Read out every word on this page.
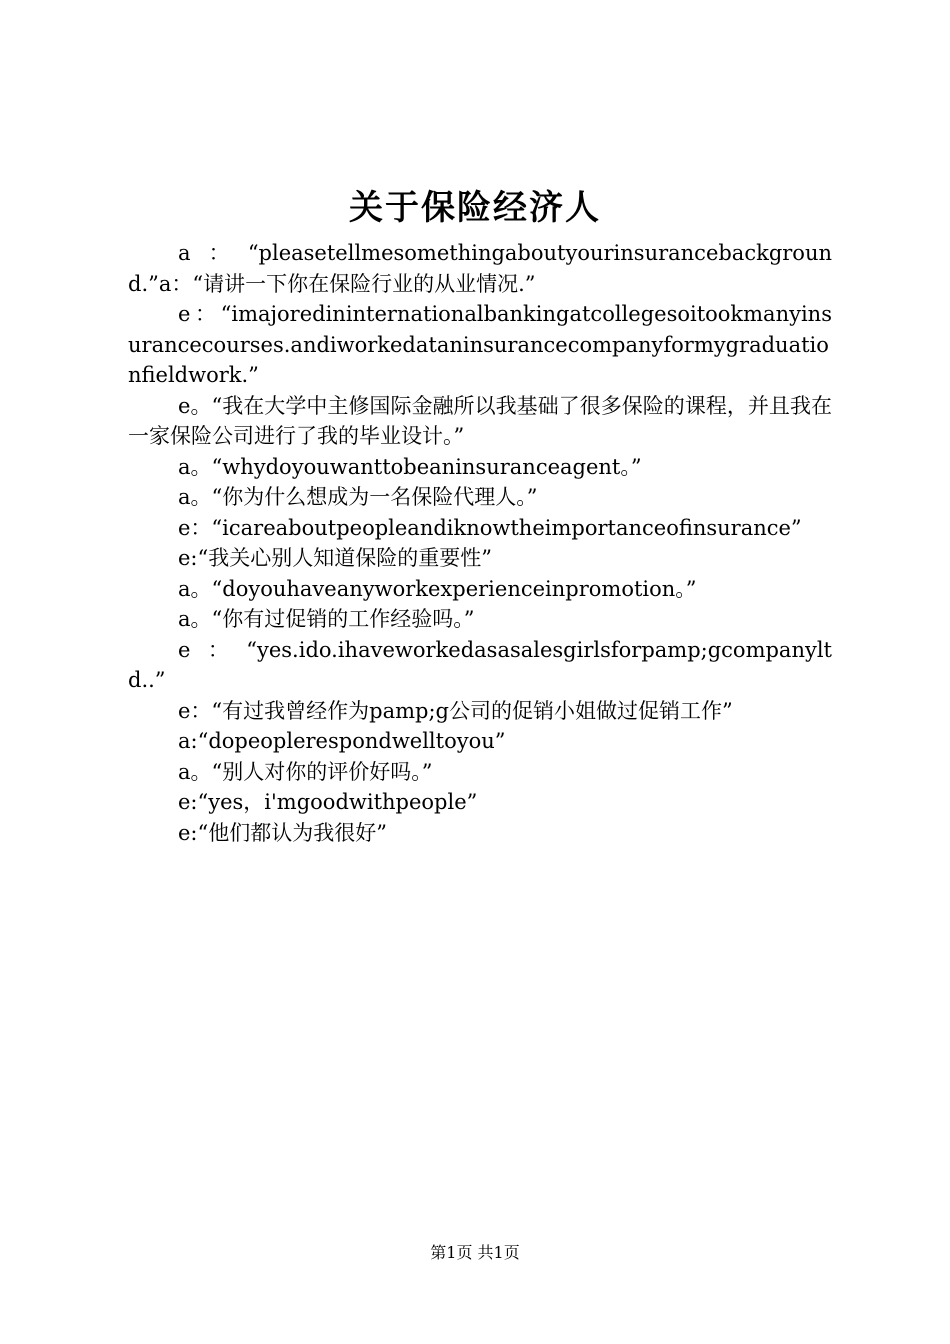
关于保险经济人

a：“pleasetellmesomethingaboutyourinsurancebackground.”a：“请讲一下你在保险行业的从业情况.”

e：“imajoredininternationalbankingatcollegesoitookmanyinsurancecourses.andiworkedataninsurancecompanyformygraduationfieldwork.”

e。“我在大学中主修国际金融所以我基础了很多保险的课程，并且我在一家保险公司进行了我的毕业设计。”

a。“whydoyouwanttobeaninsuranceagent。”

a。“你为什么想成为一名保险代理人。”

e：“icareaboutpeopleandiknowtheimportanceofinsurance”

e:“我关心别人知道保险的重要性”

a。“doyouhaveanyworkexperienceinpromotion。”

a。“你有过促销的工作经验吗。”

e：“yes.ido.ihaveworkedasasalesgirlsforpamp;gcompanyltd..”

e：“有过我曾经作为pamp;g公司的促销小姐做过促销工作”

a:“dopeoplerespondwelltoyou”

a。“别人对你的评价好吗。”

e:“yes，i'mgoodwithpeople”

e:“他们都认为我很好”

第1页 共1页
